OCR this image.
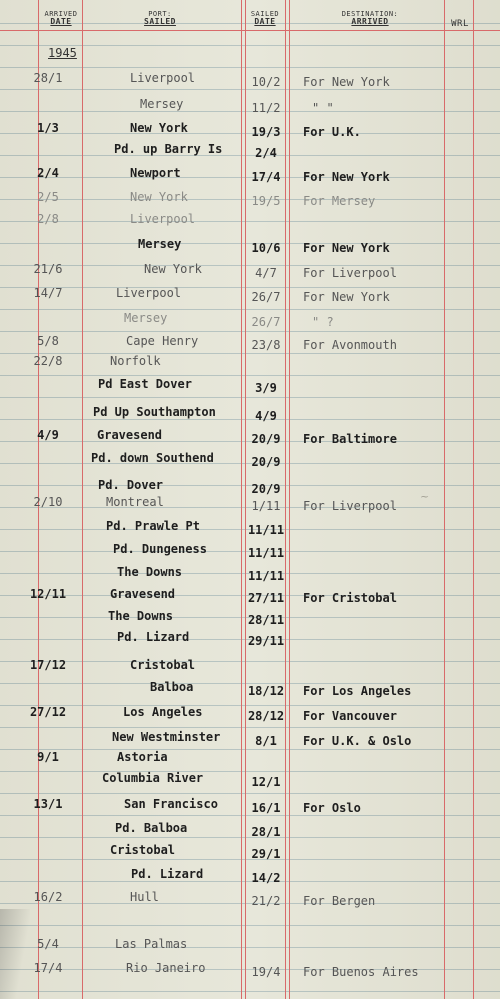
ARRIVED
DATE
PORT:
SAILED
SAILED
DATE
DESTINATION:
ARRIVED	WRL
1945
28/1	Liverpool	10/2	For New York
Mersey	11/2	" "
1/3	New York	19/3	For U.K.
Pd. up Barry Is	2/4
2/4	Newport	17/4	For New York
2/5	New York	19/5	For Mersey
2/8	Liverpool
Mersey	10/6	For New York
21/6	New York	4/7	For Liverpool
14/7	Liverpool	26/7	For New York
Mersey	26/7	" ?
5/8	Cape Henry	23/8	For Avonmouth
22/8	Norfolk
Pd East Dover	3/9
Pd Up Southampton	4/9
4/9	Gravesend	20/9	For Baltimore
Pd. down Southend	20/9
Pd. Dover	20/9
2/10	Montreal	1/11	For Liverpool
Pd. Prawle Pt	11/11
Pd. Dungeness	11/11
The Downs	11/11
12/11	Gravesend	27/11	For Cristobal
The Downs	28/11
Pd. Lizard	29/11
17/12	Cristobal
Balboa	18/12	For Los Angeles
27/12	Los Angeles	28/12	For Vancouver
New Westminster	8/1	For U.K. & Oslo
9/1	Astoria
Columbia River	12/1
13/1	San Francisco	16/1	For Oslo
Pd. Balboa	28/1
Cristobal	29/1
Pd. Lizard	14/2
16/2	Hull	21/2	For Bergen
5/4	Las Palmas
17/4	Rio Janeiro	19/4	For Buenos Aires
~
